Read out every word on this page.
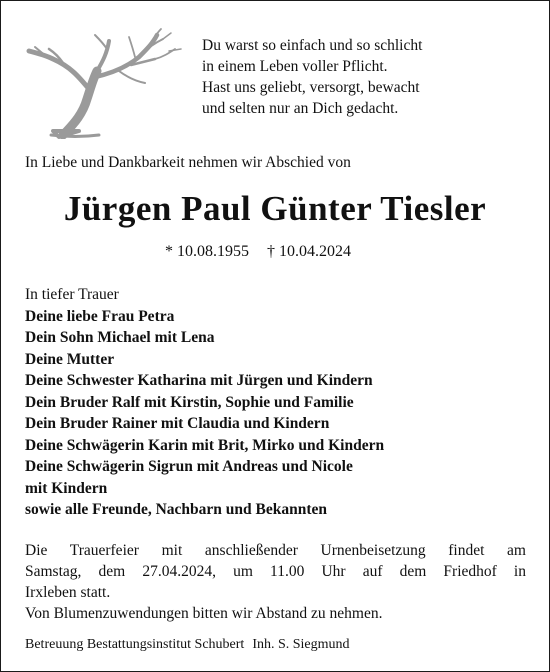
Du warst so einfach und so schlicht
in einem Leben voller Pflicht.
Hast uns geliebt, versorgt, bewacht
und selten nur an Dich gedacht.
In Liebe und Dankbarkeit nehmen wir Abschied von
Jürgen Paul Günter Tiesler
* 10.08.1955 † 10.04.2024
In tiefer Trauer
Deine liebe Frau Petra
Dein Sohn Michael mit Lena
Deine Mutter
Deine Schwester Katharina mit Jürgen und Kindern
Dein Bruder Ralf mit Kirstin, Sophie und Familie
Dein Bruder Rainer mit Claudia und Kindern
Deine Schwägerin Karin mit Brit, Mirko und Kindern
Deine Schwägerin Sigrun mit Andreas und Nicole
mit Kindern
sowie alle Freunde, Nachbarn und Bekannten
Die Trauerfeier mit anschließender Urnenbeisetzung findet am
Samstag, dem 27.04.2024, um 11.00 Uhr auf dem Friedhof in
Irxleben statt.
Von Blumenzuwendungen bitten wir Abstand zu nehmen.
Betreuung Bestattungsinstitut Schubert Inh. S. Siegmund
